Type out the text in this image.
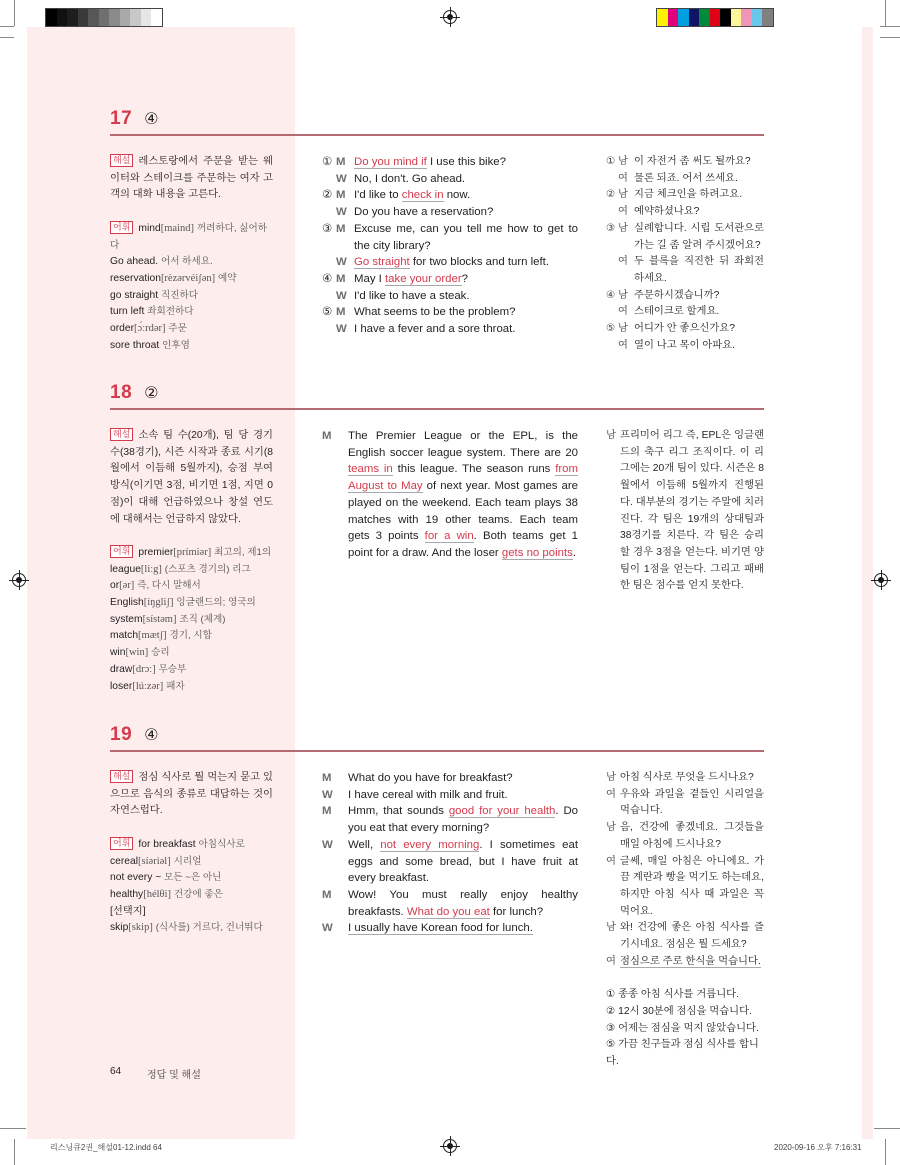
17 ④
해설 레스토랑에서 주문을 받는 웨이터와 스테이크를 주문하는 여자 고객의 대화 내용을 고른다.
어휘 mind[maind] 꺼려하다, 싫어하다
Go ahead. 어서 하세요.
reservation[rèzərvéiʃən] 예약
go straight 직진하다
turn left 좌회전하다
order[ɔ́ːrdər] 주문
sore throat 인후염
① M Do you mind if I use this bike?
W No, I don't. Go ahead.
② M I'd like to check in now.
W Do you have a reservation?
③ M Excuse me, can you tell me how to get to the city library?
W Go straight for two blocks and turn left.
④ M May I take your order?
W I'd like to have a steak.
⑤ M What seems to be the problem?
W I have a fever and a sore throat.
① 남 이 자전거 좀 써도 될까요?
여 물론 되죠. 어서 쓰세요.
② 남 지금 체크인을 하려고요.
여 예약하셨나요?
③ 남 실례합니다. 시립 도서관으로 가는 길 좀 알려 주시겠어요?
여 두 블록을 직진한 뒤 좌회전 하세요.
④ 남 주문하시겠습니까?
여 스테이크로 할게요.
⑤ 남 어디가 안 좋으신가요?
여 열이 나고 목이 아파요.
18 ②
해설 소속 팀 수(20개), 팀 당 경기 수(38경기), 시즌 시작과 종료 시기(8월에서 이듬해 5월까지), 승점 부여 방식(이기면 3점, 비기면 1점, 지면 0점)이 대해 언급하였으나 창설 연도에 대해서는 언급하지 않았다.
어휘 premier[prímiər] 최고의, 제1의
league[liːg] (스포츠 경기의) 리그
or[ər] 즉, 다시 말해서
English[íŋgliʃ] 잉글랜드의; 영국의
system[sístəm] 조직 (체계)
match[mætʃ] 경기, 시합
win[win] 승리
draw[drɔː] 무승부
loser[lúːzər] 패자
M	The Premier League or the EPL, is the English soccer league system. There are 20 teams in this league. The season runs from August to May of next year. Most games are played on the weekend. Each team plays 38 matches with 19 other teams. Each team gets 3 points for a win. Both teams get 1 point for a draw. And the loser gets no points.
남 프리미어 리그 즉, EPL은 잉글랜드의 축구 리그 조직이다. 이 리그에는 20개 팀이 있다. 시즌은 8월에서 이듬해 5월까지 진행된다. 대부분의 경기는 주말에 치러진다. 각 팀은 19개의 상대팀과 38경기를 치른다. 각 팀은 승리할 경우 3점을 얻는다. 비기면 양 팀이 1점을 얻는다. 그리고 패배한 팀은 점수를 얻지 못한다.
19 ④
해설 점심 식사로 뭘 먹는지 묻고 있으므로 음식의 종류로 대답하는 것이 자연스럽다.
어휘 for breakfast 아침식사로
cereal[síəriəl] 시리얼
not every ~ 모든 ~은 아닌
healthy[hélθi] 건강에 좋은
[선택지]
skip[skip] (식사를) 거르다, 건너뛰다
M	What do you have for breakfast?
W	I have cereal with milk and fruit.
M	Hmm, that sounds good for your health. Do you eat that every morning?
W	Well, not every morning. I sometimes eat eggs and some bread, but I have fruit at every breakfast.
M	Wow! You must really enjoy healthy breakfasts. What do you eat for lunch?
W	I usually have Korean food for lunch.
남 아침 식사로 무엇을 드시나요?
여 우유와 과일을 곁들인 시리얼을 먹습니다.
남 음, 건강에 좋겠네요. 그것들을 매일 아침에 드시나요?
여 글쎄, 매일 아침은 아니에요. 가끔 계란과 빵을 먹기도 하는데요, 하지만 아침 식사 때 과일은 꼭 먹어요.
남 와! 건강에 좋은 아침 식사를 즐기시네요. 점심은 뭘 드세요?
여 점심으로 주로 한식을 먹습니다.
① 종종 아침 식사를 거릅니다.
② 12시 30분에 점심을 먹습니다.
③ 어제는 점심을 먹지 않았습니다.
⑤ 가끔 친구들과 점심 식사를 합니다.
64	정답 및 해설
리스닝큐2권_해설01-12.indd 64	2020-09-16 오후 7:16:31
